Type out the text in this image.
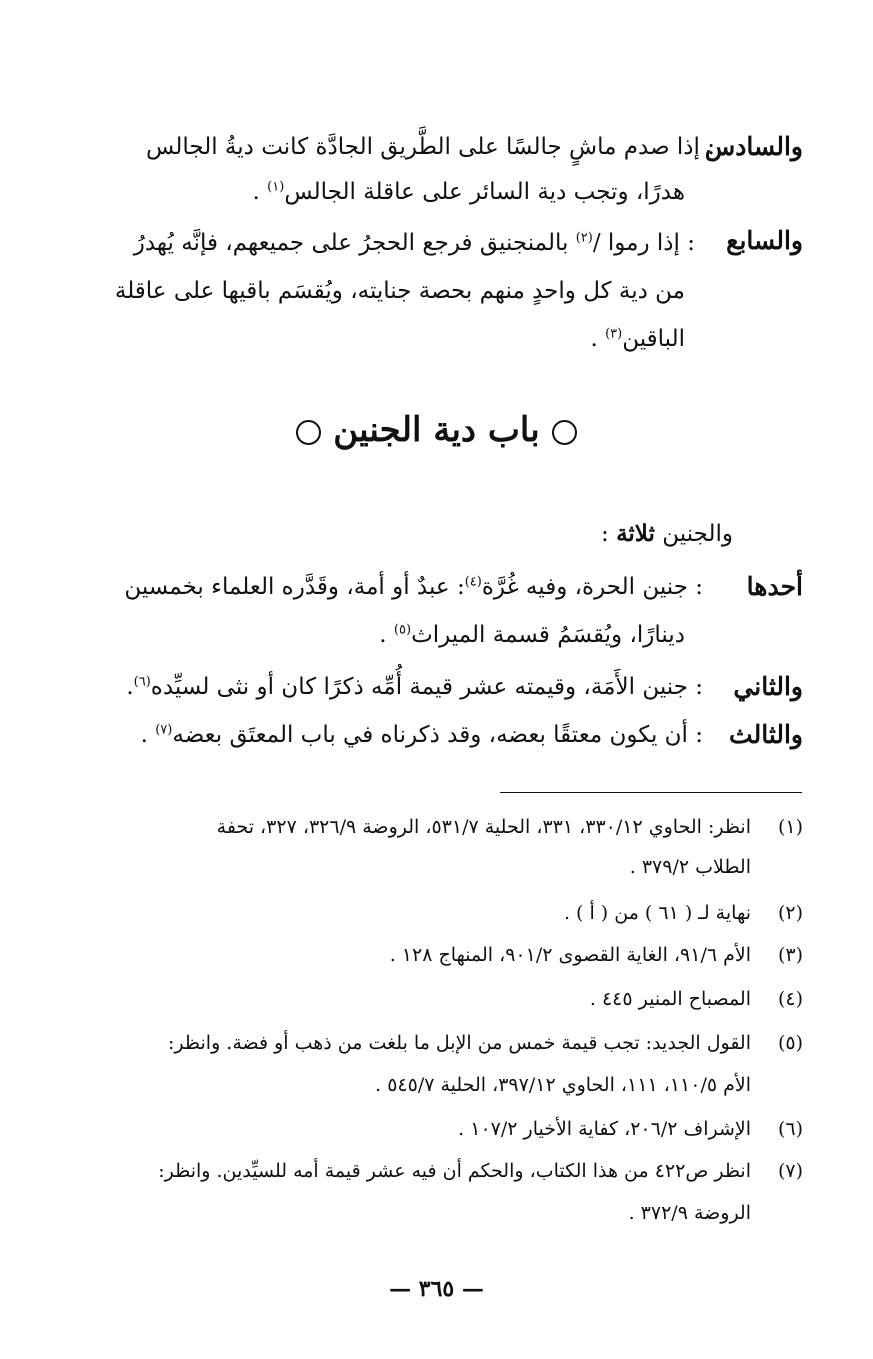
والسادس
: إذا صدم ماشٍ جالسًا على الطَّريق الجادَّة كانت ديةُ الجالس
هدرًا، وتجب دية السائر على عاقلة الجالس$^{(١)}$ .
والسابع
: إذا رموا /$^{(٢)}$ بالمنجنيق فرجع الحجرُ على جميعهم، فإنَّه يُهدرُ
من دية كل واحدٍ منهم بحصة جنايته، ويُقسَم باقيها على عاقلة
الباقين$^{(٣)}$ .
باب دية الجنين
والجنين ثلاثة :
أحدها
: جنين الحرة، وفيه غُرَّة$^{(٤)}$: عبدٌ أو أمة، وقَدَّره العلماء بخمسين
دينارًا، ويُقسَمُ قسمة الميراث$^{(٥)}$ .
والثاني
: جنين الأَمَة، وقيمته عشر قيمة أُمِّه ذكرًا كان أو نثى لسيِّده$^{(٦)}$.
والثالث
: أن يكون معتقًا بعضه، وقد ذكرناه في باب المعتَق بعضه$^{(٧)}$ .
(١)
انظر: الحاوي ٣٣٠/١٢، ٣٣١، الحلية ٥٣١/٧، الروضة ٣٢٦/٩، ٣٢٧، تحفة
الطلاب ٣٧٩/٢ .
(٢)
نهاية لـ ( ٦١ ) من ( أ ) .
(٣)
الأم ٩١/٦، الغاية القصوى ٩٠١/٢، المنهاج ١٢٨ .
(٤)
المصباح المنير ٤٤٥ .
(٥)
القول الجديد: تجب قيمة خمس من الإبل ما بلغت من ذهب أو فضة. وانظر:
الأم ١١٠/٥، ١١١، الحاوي ٣٩٧/١٢، الحلية ٥٤٥/٧ .
(٦)
الإشراف ٢٠٦/٢، كفاية الأخيار ١٠٧/٢ .
(٧)
انظر ص٤٢٢ من هذا الكتاب، والحكم أن فيه عشر قيمة أمه للسيِّدين. وانظر:
الروضة ٣٧٢/٩ .
— ٣٦٥ —
